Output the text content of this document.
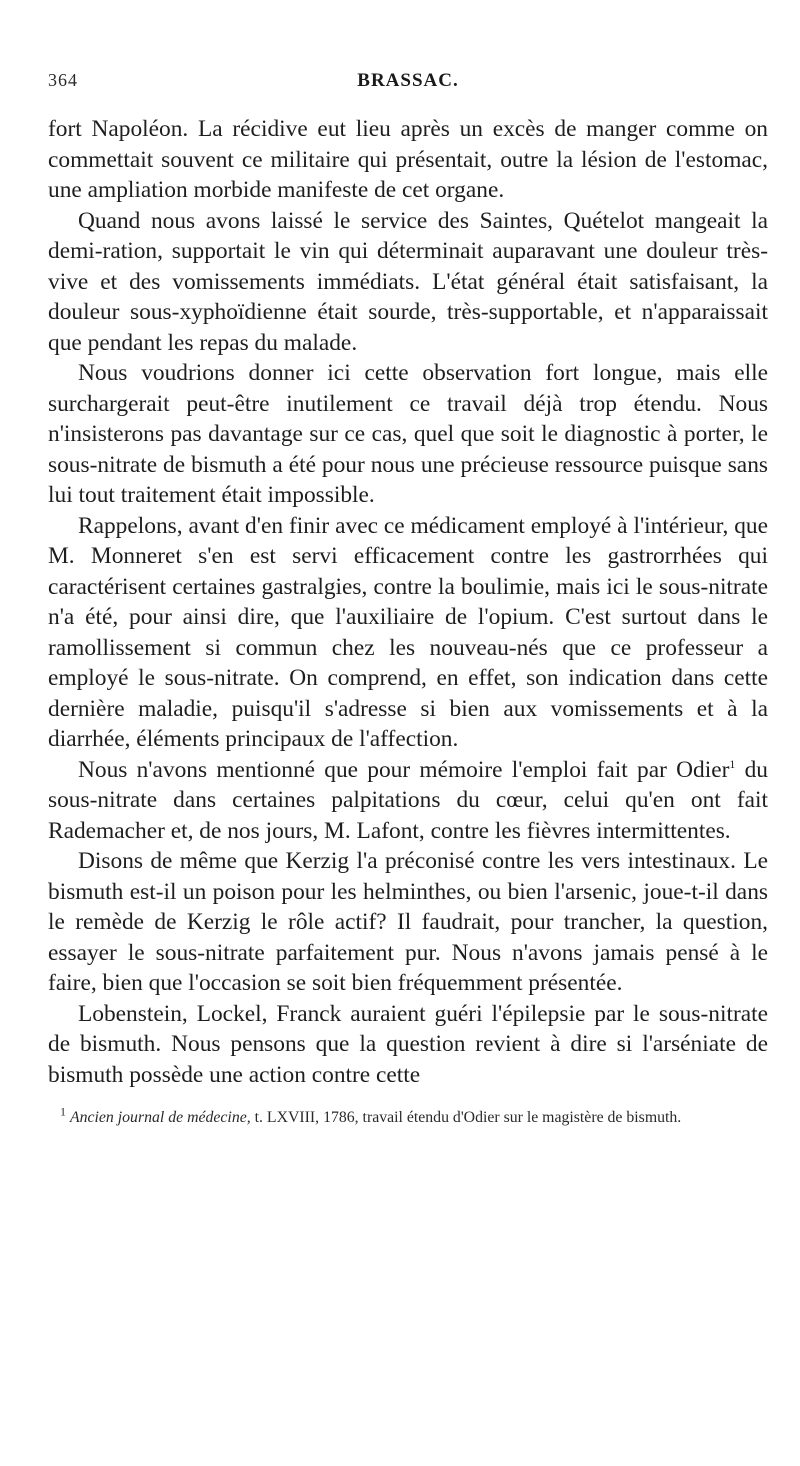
364	BRASSAC.

fort Napoléon. La récidive eut lieu après un excès de manger comme on commettait souvent ce militaire qui présentait, outre la lésion de l'estomac, une ampliation morbide manifeste de cet organe.

Quand nous avons laissé le service des Saintes, Quételot mangeait la demi-ration, supportait le vin qui déterminait auparavant une douleur très-vive et des vomissements immédiats. L'état général était satisfaisant, la douleur sous-xyphoïdienne était sourde, très-supportable, et n'apparaissait que pendant les repas du malade.

Nous voudrions donner ici cette observation fort longue, mais elle surchargerait peut-être inutilement ce travail déjà trop étendu. Nous n'insisterons pas davantage sur ce cas, quel que soit le diagnostic à porter, le sous-nitrate de bismuth a été pour nous une précieuse ressource puisque sans lui tout traitement était impossible.

Rappelons, avant d'en finir avec ce médicament employé à l'intérieur, que M. Monneret s'en est servi efficacement contre les gastrorrhées qui caractérisent certaines gastralgies, contre la boulimie, mais ici le sous-nitrate n'a été, pour ainsi dire, que l'auxiliaire de l'opium. C'est surtout dans le ramollissement si commun chez les nouveau-nés que ce professeur a employé le sous-nitrate. On comprend, en effet, son indication dans cette dernière maladie, puisqu'il s'adresse si bien aux vomissements et à la diarrhée, éléments principaux de l'affection.

Nous n'avons mentionné que pour mémoire l'emploi fait par Odier$^1$ du sous-nitrate dans certaines palpitations du cœur, celui qu'en ont fait Rademacher et, de nos jours, M. Lafont, contre les fièvres intermittentes.

Disons de même que Kerzig l'a préconisé contre les vers intestinaux. Le bismuth est-il un poison pour les helminthes, ou bien l'arsenic, joue-t-il dans le remède de Kerzig le rôle actif? Il faudrait, pour trancher, la question, essayer le sous-nitrate parfaitement pur. Nous n'avons jamais pensé à le faire, bien que l'occasion se soit bien fréquemment présentée.

Lobenstein, Lockel, Franck auraient guéri l'épilepsie par le sous-nitrate de bismuth. Nous pensons que la question revient à dire si l'arséniate de bismuth possède une action contre cette

$^1$ Ancien journal de médecine, t. LXVIII, 1786, travail étendu d'Odier sur le magistère de bismuth.
